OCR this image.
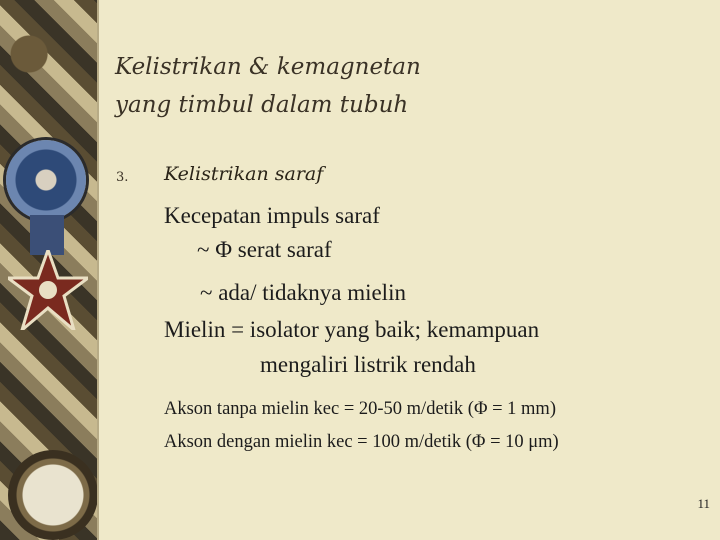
Kelistrikan & kemagnetan
yang timbul dalam tubuh
3. Kelistrikan saraf
Kecepatan impuls saraf
~ Φ serat saraf
~ ada/ tidaknya mielin
Mielin = isolator yang baik; kemampuan
mengaliri listrik rendah
Akson tanpa mielin kec = 20-50 m/detik (Φ = 1 mm)
Akson dengan mielin kec = 100 m/detik (Φ = 10 μm)
11
